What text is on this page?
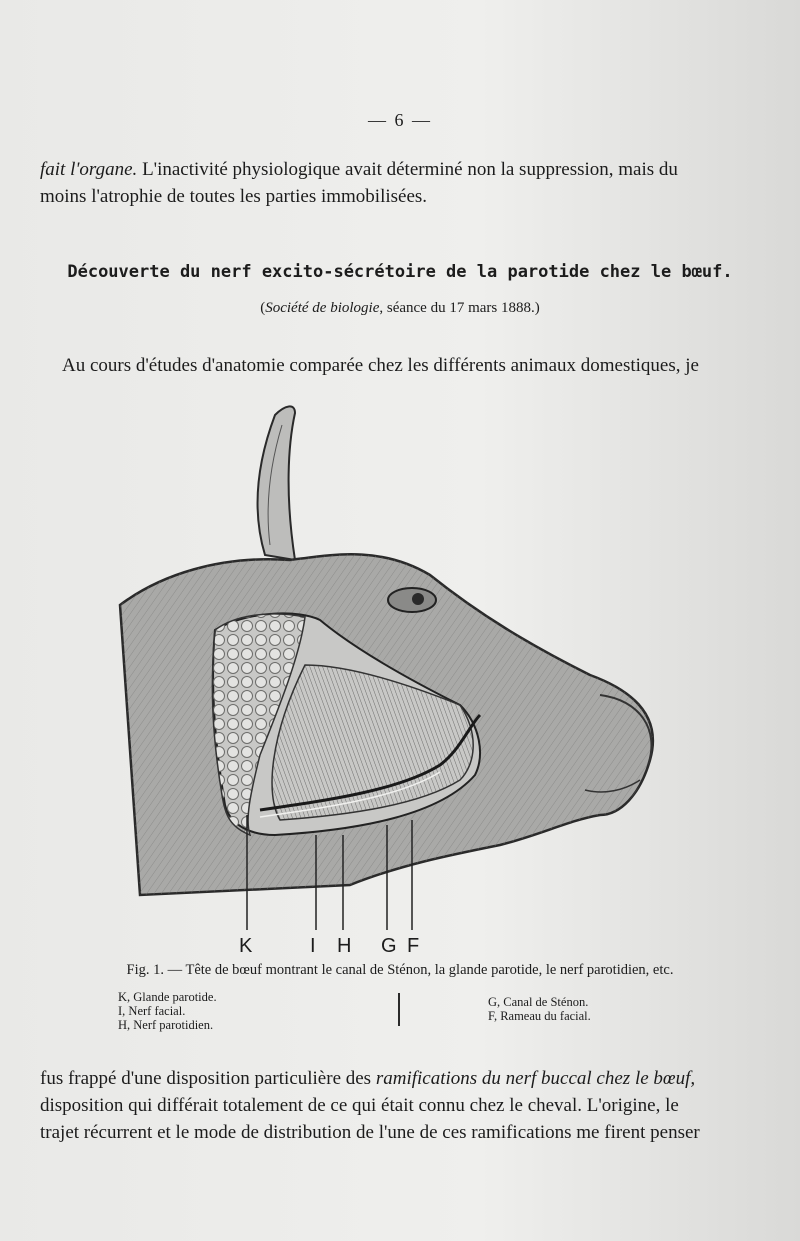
— 6 —
fait l'organe. L'inactivité physiologique avait déterminé non la suppression, mais du
moins l'atrophie de toutes les parties immobilisées.
Découverte du nerf excito-sécrétoire de la parotide chez le bœuf.
(Société de biologie, séance du 17 mars 1888.)
Au cours d'études d'anatomie comparée chez les différents animaux domestiques, je
K	I H G F
Fig. 1. — Tête de bœuf montrant le canal de Sténon, la glande parotide, le nerf parotidien, etc.
K, Glande parotide.
I, Nerf facial.
H, Nerf parotidien.
G, Canal de Sténon.
F, Rameau du facial.
fus frappé d'une disposition particulière des ramifications du nerf buccal chez le bœuf,
disposition qui différait totalement de ce qui était connu chez le cheval. L'origine, le
trajet récurrent et le mode de distribution de l'une de ces ramifications me firent penser
